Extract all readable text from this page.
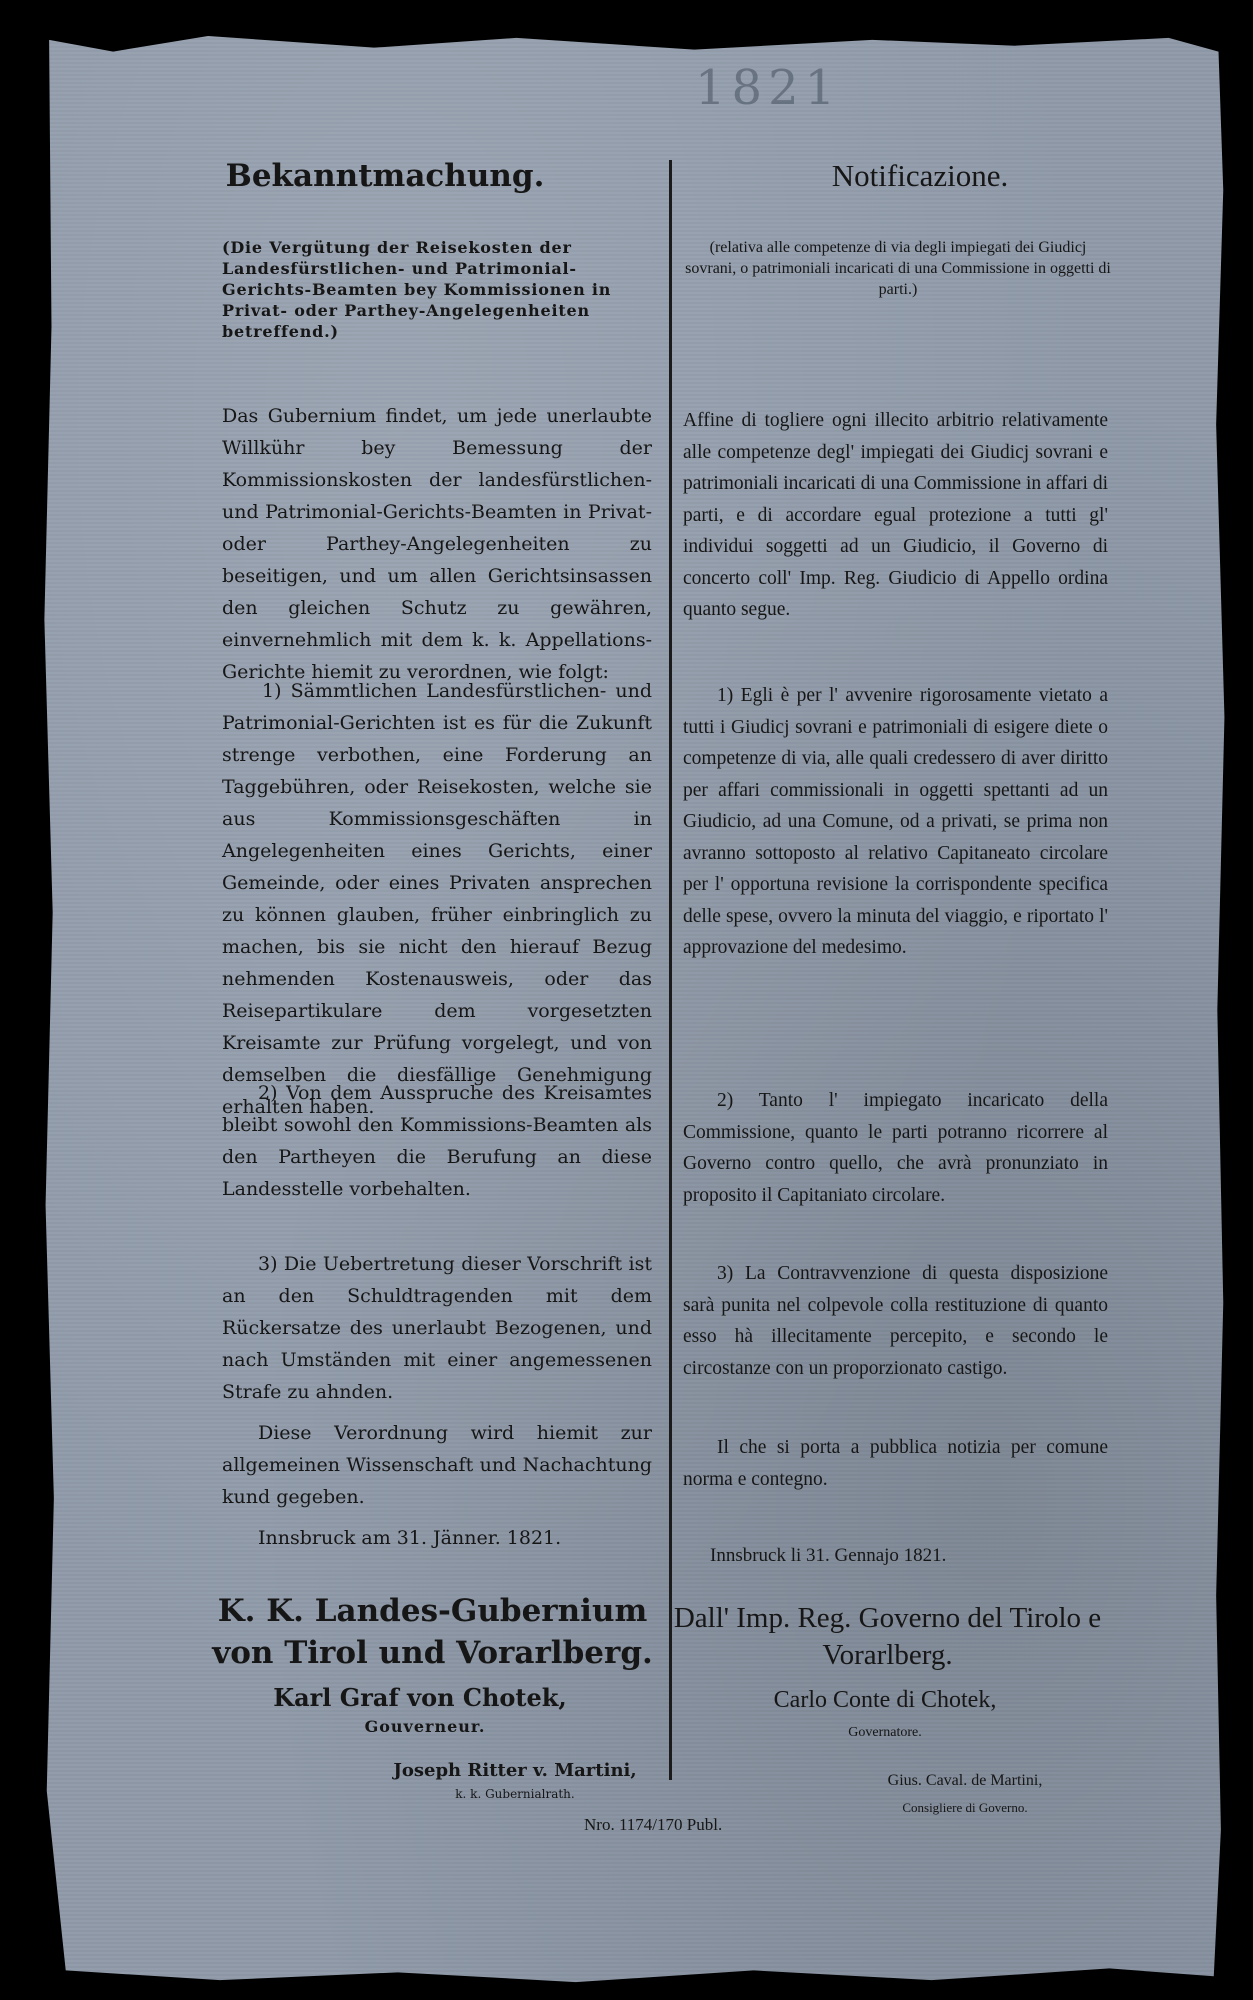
1821
Bekanntmachung.
(Die Vergütung der Reisekosten der Landesfürstlichen- und Patrimonial-Gerichts-Beamten bey Kommissionen in Privat- oder Parthey-Angelegenheiten betreffend.)
Das Gubernium findet, um jede unerlaubte Willkühr bey Bemessung der Kommissionskosten der landesfürstlichen- und Patrimonial-Gerichts-Beamten in Privat- oder Parthey-Angelegenheiten zu beseitigen, und um allen Gerichtsinsassen den gleichen Schutz zu gewähren, einvernehmlich mit dem k. k. Appellations-Gerichte hiemit zu verordnen, wie folgt:
1) Sämmtlichen Landesfürstlichen- und Patrimonial-Gerichten ist es für die Zukunft strenge verbothen, eine Forderung an Taggebühren, oder Reisekosten, welche sie aus Kommissionsgeschäften in Angelegenheiten eines Gerichts, einer Gemeinde, oder eines Privaten ansprechen zu können glauben, früher einbringlich zu machen, bis sie nicht den hierauf Bezug nehmenden Kostenausweis, oder das Reisepartikulare dem vorgesetzten Kreisamte zur Prüfung vorgelegt, und von demselben die diesfällige Genehmigung erhalten haben.
2) Von dem Ausspruche des Kreisamtes bleibt sowohl den Kommissions-Beamten als den Partheyen die Berufung an diese Landesstelle vorbehalten.
3) Die Uebertretung dieser Vorschrift ist an den Schuldtragenden mit dem Rückersatze des unerlaubt Bezogenen, und nach Umständen mit einer angemessenen Strafe zu ahnden.
Diese Verordnung wird hiemit zur allgemeinen Wissenschaft und Nachachtung kund gegeben.
Innsbruck am 31. Jänner. 1821.
K. K. Landes-Gubernium von Tirol und Vorarlberg.
Karl Graf von Chotek,
Gouverneur.
Joseph Ritter v. Martini,
k. k. Gubernialrath.
Notificazione.
(relativa alle competenze di via degli impiegati dei Giudicj sovrani, o patrimoniali incaricati di una Commissione in oggetti di parti.)
Affine di togliere ogni illecito arbitrio relativamente alle competenze degl' impiegati dei Giudicj sovrani e patrimoniali incaricati di una Commissione in affari di parti, e di accordare egual protezione a tutti gl' individui soggetti ad un Giudicio, il Governo di concerto coll' Imp. Reg. Giudicio di Appello ordina quanto segue.
1) Egli è per l' avvenire rigorosamente vietato a tutti i Giudicj sovrani e patrimoniali di esigere diete o competenze di via, alle quali credessero di aver diritto per affari commissionali in oggetti spettanti ad un Giudicio, ad una Comune, od a privati, se prima non avranno sottoposto al relativo Capitaneato circolare per l' opportuna revisione la corrispondente specifica delle spese, ovvero la minuta del viaggio, e riportato l' approvazione del medesimo.
2) Tanto l' impiegato incaricato della Commissione, quanto le parti potranno ricorrere al Governo contro quello, che avrà pronunziato in proposito il Capitaniato circolare.
3) La Contravvenzione di questa disposizione sarà punita nel colpevole colla restituzione di quanto esso hà illecitamente percepito, e secondo le circostanze con un proporzionato castigo.
Il che si porta a pubblica notizia per comune norma e contegno.
Innsbruck li 31. Gennajo 1821.
Dall' Imp. Reg. Governo del Tirolo e Vorarlberg.
Carlo Conte di Chotek,
Governatore.
Gius. Caval. de Martini,
Consigliere di Governo.
Nro. 1174/170 Publ.
